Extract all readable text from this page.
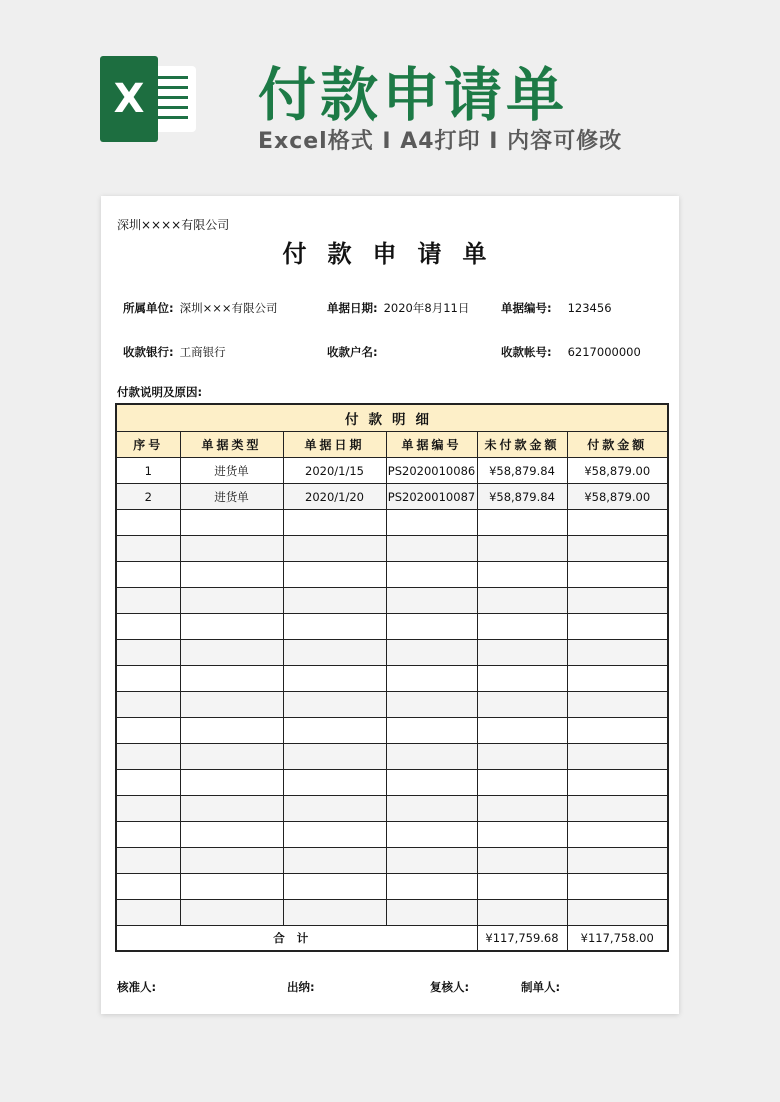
X 付款申请单
Excel格式 I A4打印 I 内容可修改
深圳××××有限公司
付款申请单
所属单位: 深圳×××有限公司	单据日期: 2020年8月11日	单据编号: 123456
收款银行: 工商银行	收款户名:	收款帐号: 6217000000
付款说明及原因:
付款明细					
序号	单据类型	单据日期	单据编号	未付款金额	付款金额
1	进货单	2020/1/15	PS2020010086	¥58,879.84	¥58,879.00
2	进货单	2020/1/20	PS2020010087	¥58,879.84	¥58,879.00

合计				¥117,759.68	¥117,758.00
核准人:	出纳:	复核人:	制单人:
